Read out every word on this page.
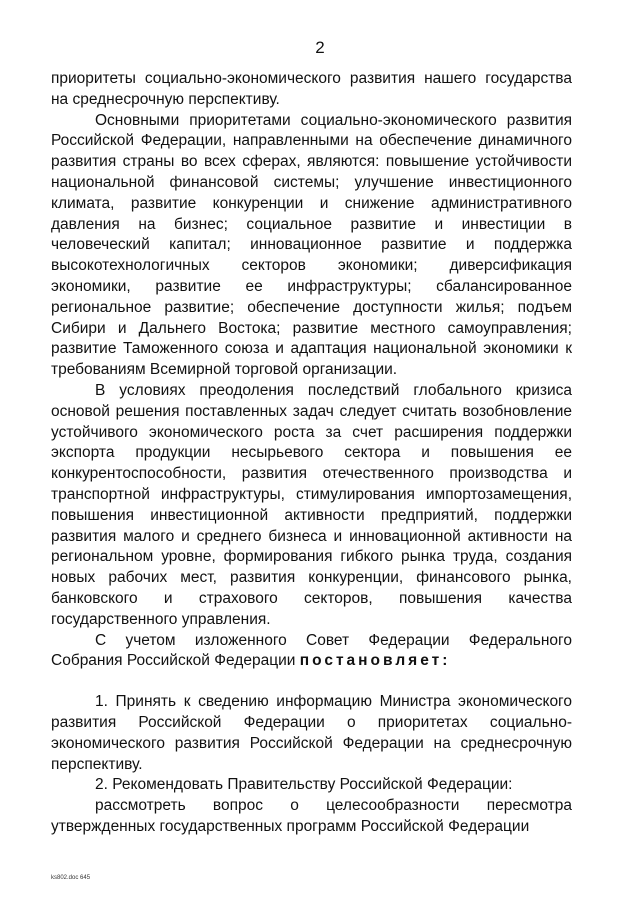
2

приоритеты социально-экономического развития нашего государства на среднесрочную перспективу.

Основными приоритетами социально-экономического развития Российской Федерации, направленными на обеспечение динамичного развития страны во всех сферах, являются: повышение устойчивости национальной финансовой системы; улучшение инвестиционного климата, развитие конкуренции и снижение административного давления на бизнес; социальное развитие и инвестиции в человеческий капитал; инновационное развитие и поддержка высокотехнологичных секторов экономики; диверсификация экономики, развитие ее инфраструктуры; сбалансированное региональное развитие; обеспечение доступности жилья; подъем Сибири и Дальнего Востока; развитие местного самоуправления; развитие Таможенного союза и адаптация национальной экономики к требованиям Всемирной торговой организации.

В условиях преодоления последствий глобального кризиса основой решения поставленных задач следует считать возобновление устойчивого экономического роста за счет расширения поддержки экспорта продукции несырьевого сектора и повышения ее конкурентоспособности, развития отечественного производства и транспортной инфраструктуры, стимулирования импортозамещения, повышения инвестиционной активности предприятий, поддержки развития малого и среднего бизнеса и инновационной активности на региональном уровне, формирования гибкого рынка труда, создания новых рабочих мест, развития конкуренции, финансового рынка, банковского и страхового секторов, повышения качества государственного управления.

С учетом изложенного Совет Федерации Федерального Собрания Российской Федерации постановляет:

1. Принять к сведению информацию Министра экономического развития Российской Федерации о приоритетах социально-экономического развития Российской Федерации на среднесрочную перспективу.

2. Рекомендовать Правительству Российской Федерации:

рассмотреть вопрос о целесообразности пересмотра утвержденных государственных программ Российской Федерации

ks802.doc 645
